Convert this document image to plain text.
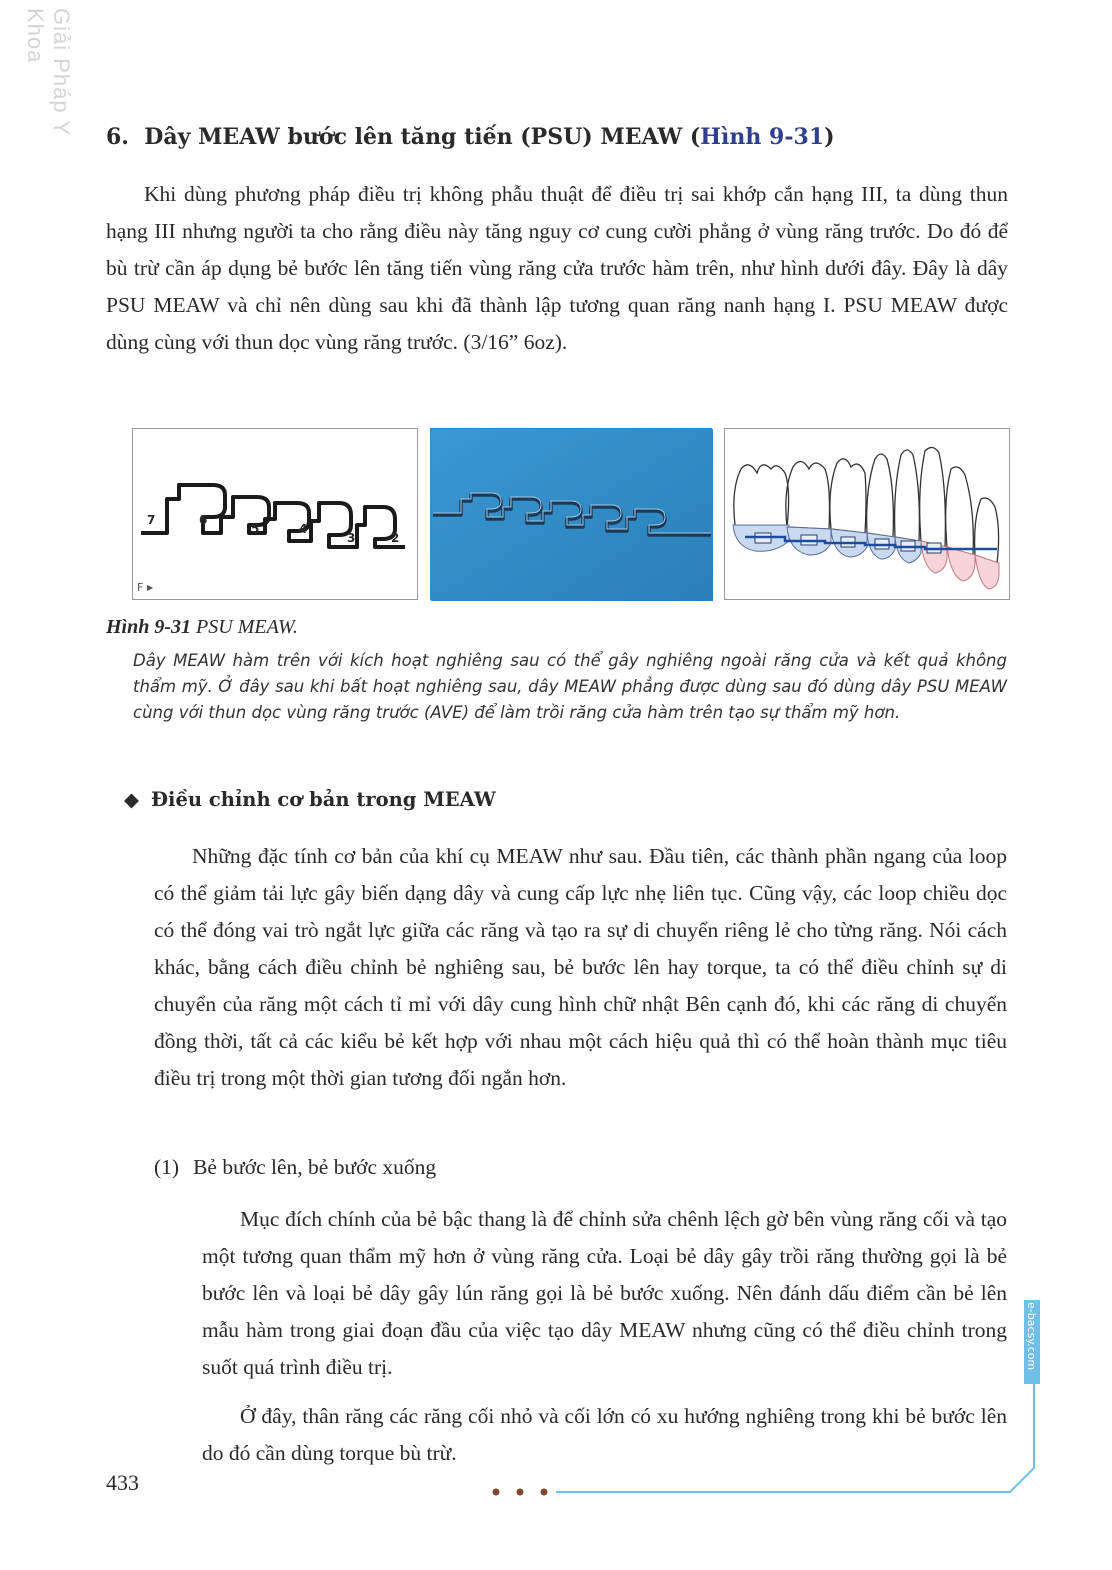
Giải Pháp Y Khoa
6. Dây MEAW bước lên tăng tiến (PSU) MEAW (Hình 9-31)

Khi dùng phương pháp điều trị không phẫu thuật để điều trị sai khớp cắn hạng III, ta dùng thun hạng III nhưng người ta cho rằng điều này tăng nguy cơ cung cười phẳng ở vùng răng trước. Do đó để bù trừ cần áp dụng bẻ bước lên tăng tiến vùng răng cửa trước hàm trên, như hình dưới đây. Đây là dây PSU MEAW và chỉ nên dùng sau khi đã thành lập tương quan răng nanh hạng I. PSU MEAW được dùng cùng với thun dọc vùng răng trước. (3/16” 6oz).

7	6
5	4
3	2
F ▶
Hình 9-31 PSU MEAW.

Dây MEAW hàm trên với kích hoạt nghiêng sau có thể gây nghiêng ngoài răng cửa và kết quả không thẩm mỹ. Ở đây sau khi bất hoạt nghiêng sau, dây MEAW phẳng được dùng sau đó dùng dây PSU MEAW cùng với thun dọc vùng răng trước (AVE) để làm trồi răng cửa hàm trên tạo sự thẩm mỹ hơn.

◆ Điều chỉnh cơ bản trong MEAW

Những đặc tính cơ bản của khí cụ MEAW như sau. Đầu tiên, các thành phần ngang của loop có thể giảm tải lực gây biến dạng dây và cung cấp lực nhẹ liên tục. Cũng vậy, các loop chiều dọc có thể đóng vai trò ngắt lực giữa các răng và tạo ra sự di chuyển riêng lẻ cho từng răng. Nói cách khác, bằng cách điều chỉnh bẻ nghiêng sau, bẻ bước lên hay torque, ta có thể điều chỉnh sự di chuyển của răng một cách tỉ mỉ với dây cung hình chữ nhật Bên cạnh đó, khi các răng di chuyển đồng thời, tất cả các kiểu bẻ kết hợp với nhau một cách hiệu quả thì có thể hoàn thành mục tiêu điều trị trong một thời gian tương đối ngắn hơn.

(1) Bẻ bước lên, bẻ bước xuống

Mục đích chính của bẻ bậc thang là để chỉnh sửa chênh lệch gờ bên vùng răng cối và tạo một tương quan thẩm mỹ hơn ở vùng răng cửa. Loại bẻ dây gây trồi răng thường gọi là bẻ bước lên và loại bẻ dây gây lún răng gọi là bẻ bước xuống. Nên đánh dấu điểm cần bẻ lên mẫu hàm trong giai đoạn đầu của việc tạo dây MEAW nhưng cũng có thể điều chỉnh trong suốt quá trình điều trị.

Ở đây, thân răng các răng cối nhỏ và cối lớn có xu hướng nghiêng trong khi bẻ bước lên do đó cần dùng torque bù trừ.

433
e-bacsy.com
